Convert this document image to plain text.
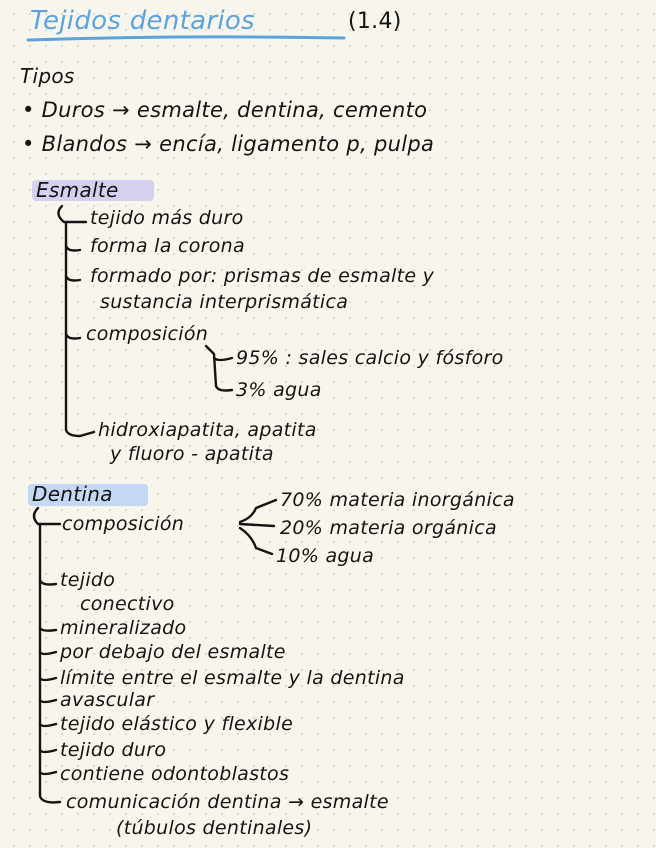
Tejidos dentarios	(1.4)
Tipos
• Duros → esmalte, dentina, cemento
• Blandos → encía, ligamento p, pulpa
Esmalte
tejido más duro
forma la corona
formado por: prismas de esmalte y
sustancia interprismática
composición
95% : sales calcio y fósforo
3% agua
hidroxiapatita, apatita
y fluoro - apatita
Dentina
composición
70% materia inorgánica
20% materia orgánica
10% agua
tejido
conectivo
mineralizado
por debajo del esmalte
límite entre el esmalte y la dentina
avascular
tejido elástico y flexible
tejido duro
contiene odontoblastos
comunicación dentina → esmalte
(túbulos dentinales)
